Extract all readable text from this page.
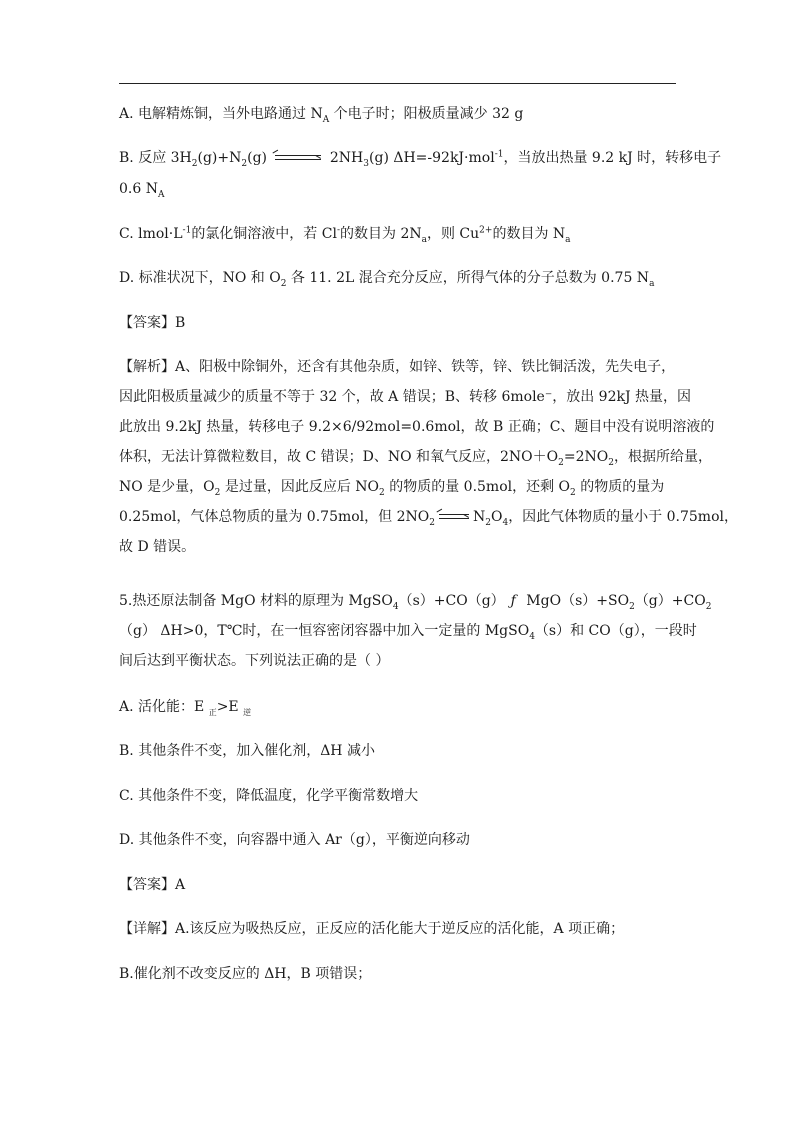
A. 电解精炼铜，当外电路通过 $N_A$ 个电子时；阳极质量减少 32 g
B. 反应 $3H_2(g)+N_2(g)$	$2NH_3(g)$ ΔH=-92kJ·mol$^{-1}$，当放出热量 9.2 kJ 时，转移电子
0.6 $N_A$
C. $lmol\cdot L^{-1}$的氯化铜溶液中，若 Cl-的数目为 $2N_a$，则 $Cu^{2+}$的数目为 $N_a$
D. 标准状况下，NO 和 $O_2$ 各 11. 2L 混合充分反应，所得气体的分子总数为 0.75 $N_a$
【答案】B
【解析】A、阳极中除铜外，还含有其他杂质，如锌、铁等，锌、铁比铜活泼，先失电子，
因此阳极质量减少的质量不等于 32 个，故 A 错误；B、转移 6mole⁻，放出 92kJ 热量，因
此放出 9.2kJ 热量，转移电子 9.2×6/92mol=0.6mol，故 B 正确；C、题目中没有说明溶液的
体积，无法计算微粒数目，故 C 错误；D、NO 和氧气反应，$2NO+O_2=2NO_2$，根据所给量，
NO 是少量，$O_2$ 是过量，因此反应后 $NO_2$ 的物质的量 0.5mol，还剩 $O_2$ 的物质的量为
0.25mol，气体总物质的量为 0.75mol，但 $2NO_2$	$N_2O_4$，因此气体物质的量小于 0.75mol，
故 D 错误。
5.热还原法制备 MgO 材料的原理为 MgSO$_4$（s）+CO（g） ƒ $MgO(s)+SO_2(g)+CO_2$
（g） ΔH>0，T℃时，在一恒容密闭容器中加入一定量的 MgSO$_4$（s）和 CO（g），一段时
间后达到平衡状态。下列说法正确的是（ ）
A. 活化能：E $_正$>E $_逆$
B. 其他条件不变，加入催化剂，ΔH 减小
C. 其他条件不变，降低温度，化学平衡常数增大
D. 其他条件不变，向容器中通入 Ar（g），平衡逆向移动
【答案】A
【详解】A.该反应为吸热反应，正反应的活化能大于逆反应的活化能，A 项正确；
B.催化剂不改变反应的 ΔH，B 项错误；
